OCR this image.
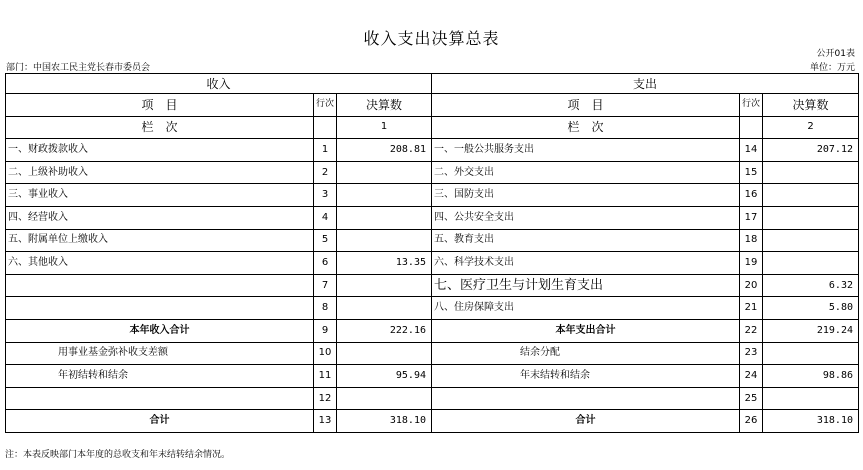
收入支出决算总表
公开01表
部门：中国农工民主党长春市委员会	单位：万元
收入			支出		
项　目	行次	决算数	项　目	行次	决算数
栏　次		1	栏　次		2
一、财政拨款收入	1	208.81	一、一般公共服务支出	14	207.12
二、上级补助收入	2		二、外交支出	15	
三、事业收入	3		三、国防支出	16	
四、经营收入	4		四、公共安全支出	17	
五、附属单位上缴收入	5		五、教育支出	18	
六、其他收入	6	13.35	六、科学技术支出	19	
	7		七、医疗卫生与计划生育支出	20	6.32
	8		八、住房保障支出	21	5.80
本年收入合计	9	222.16	本年支出合计	22	219.24
用事业基金弥补收支差额	10		结余分配	23	
年初结转和结余	11	95.94	年末结转和结余	24	98.86
	12			25	
合计	13	318.10	合计	26	318.10
注：本表反映部门本年度的总收支和年末结转结余情况。
